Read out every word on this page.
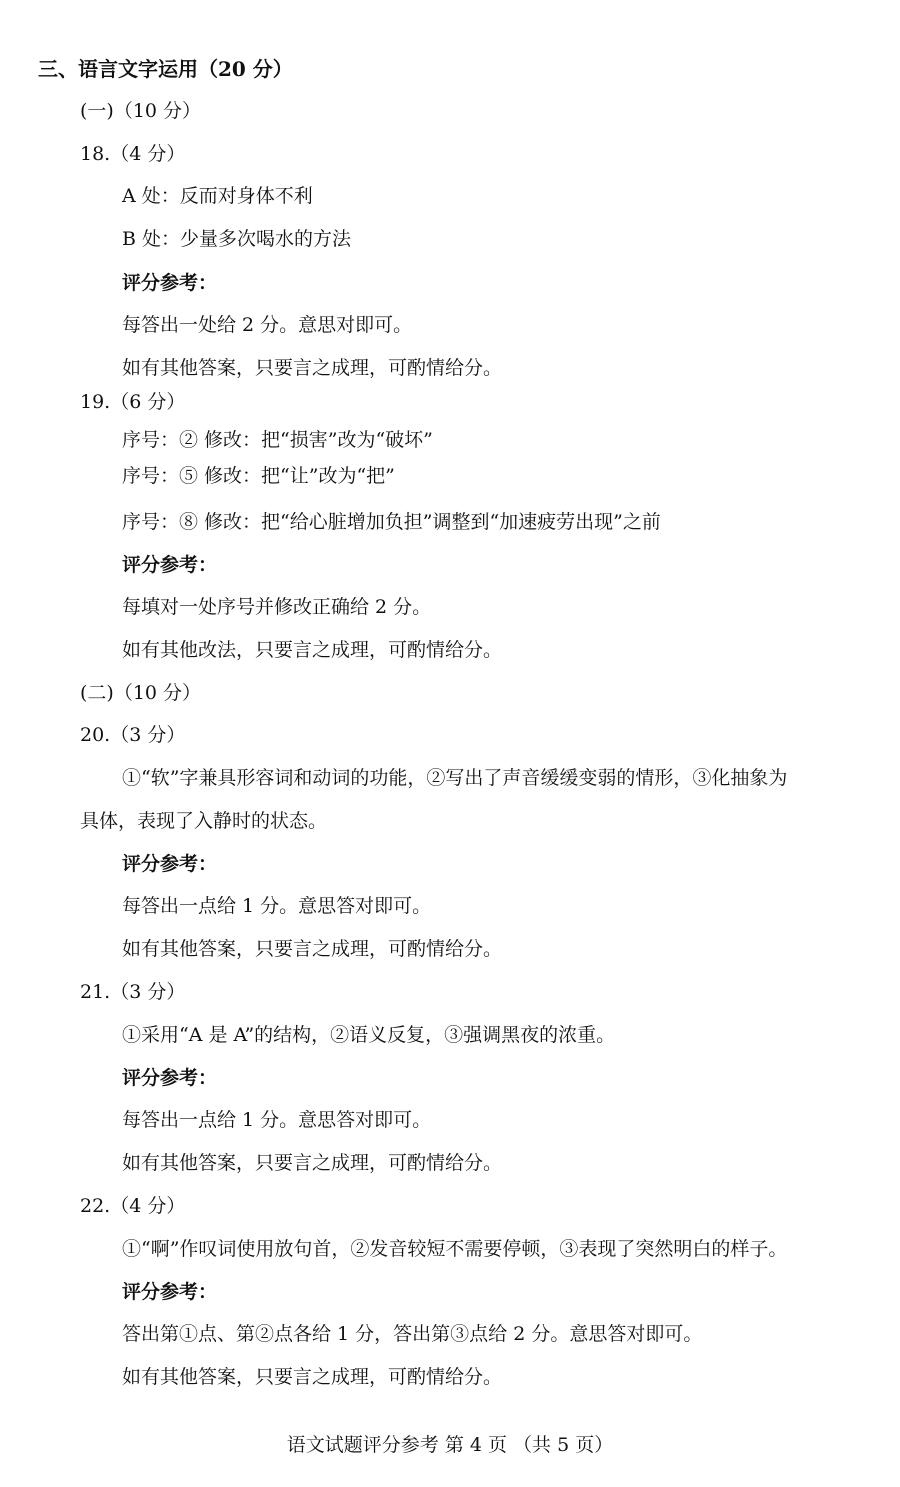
三、语言文字运用（20 分）
(一)（10 分）
18.（4 分）
A 处：反而对身体不利
B 处：少量多次喝水的方法
评分参考：
每答出一处给 2 分。意思对即可。
如有其他答案，只要言之成理，可酌情给分。
19.（6 分）
序号：② 修改：把“损害”改为“破坏”
序号：⑤ 修改：把“让”改为“把”
序号：⑧ 修改：把“给心脏增加负担”调整到“加速疲劳出现”之前
评分参考：
每填对一处序号并修改正确给 2 分。
如有其他改法，只要言之成理，可酌情给分。
(二)（10 分）
20.（3 分）
①“软”字兼具形容词和动词的功能，②写出了声音缓缓变弱的情形，③化抽象为
具体，表现了入静时的状态。
评分参考：
每答出一点给 1 分。意思答对即可。
如有其他答案，只要言之成理，可酌情给分。
21.（3 分）
①采用“A 是 A”的结构，②语义反复，③强调黑夜的浓重。
评分参考：
每答出一点给 1 分。意思答对即可。
如有其他答案，只要言之成理，可酌情给分。
22.（4 分）
①“啊”作叹词使用放句首，②发音较短不需要停顿，③表现了突然明白的样子。
评分参考：
答出第①点、第②点各给 1 分，答出第③点给 2 分。意思答对即可。
如有其他答案，只要言之成理，可酌情给分。
语文试题评分参考 第 4 页 （共 5 页）
